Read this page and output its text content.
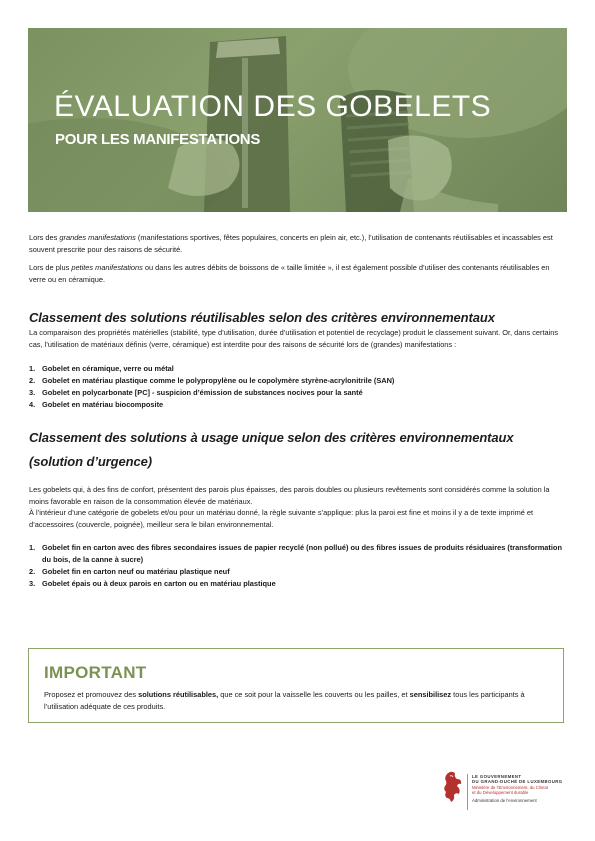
ÉVALUATION DES GOBELETS
POUR LES MANIFESTATIONS

Lors des grandes manifestations (manifestations sportives, fêtes populaires, concerts en plein air, etc.), l’utilisation de contenants réutilisables et incassables est souvent prescrite pour des raisons de sécurité.

Lors de plus petites manifestations ou dans les autres débits de boissons de « taille limitée », il est également possible d’utiliser des contenants réutilisables en verre ou en céramique.

Classement des solutions réutilisables selon des critères environnementaux

La comparaison des propriétés matérielles (stabilité, type d’utilisation, durée d’utilisation et potentiel de recyclage) produit le classement suivant. Or, dans certains cas, l’utilisation de matériaux définis (verre, céramique) est interdite pour des raisons de sécurité lors de (grandes) manifestations :

1. Gobelet en céramique, verre ou métal
2. Gobelet en matériau plastique comme le polypropylène ou le copolymère styrène-acrylonitrile (SAN)
3. Gobelet en polycarbonate [PC] - suspicion d’émission de substances nocives pour la santé
4. Gobelet en matériau biocomposite
Classement des solutions à usage unique selon des critères environnementaux
(solution d’urgence)

Les gobelets qui, à des fins de confort, présentent des parois plus épaisses, des parois doubles ou plusieurs revêtements sont considérés comme la solution la moins favorable en raison de la consommation élevée de matériaux.
À l’intérieur d’une catégorie de gobelets et/ou pour un matériau donné, la règle suivante s’applique: plus la paroi est fine et moins il y a de texte imprimé et d’accessoires (couvercle, poignée), meilleur sera le bilan environnemental.

1. Gobelet fin en carton avec des fibres secondaires issues de papier recyclé (non pollué) ou des fibres issues de produits résiduaires (transformation du bois, de la canne à sucre)
2. Gobelet fin en carton neuf ou matériau plastique neuf
3. Gobelet épais ou à deux parois en carton ou en matériau plastique
IMPORTANT

Proposez et promouvez des solutions réutilisables, que ce soit pour la vaisselle les couverts ou les pailles, et sensibilisez tous les participants à l’utilisation adéquate de ces produits.

LE GOUVERNEMENT
DU GRAND-DUCHÉ DE LUXEMBOURG
Ministère de l’Environnement, du Climat
et du Développement durable
Administration de l’environnement
